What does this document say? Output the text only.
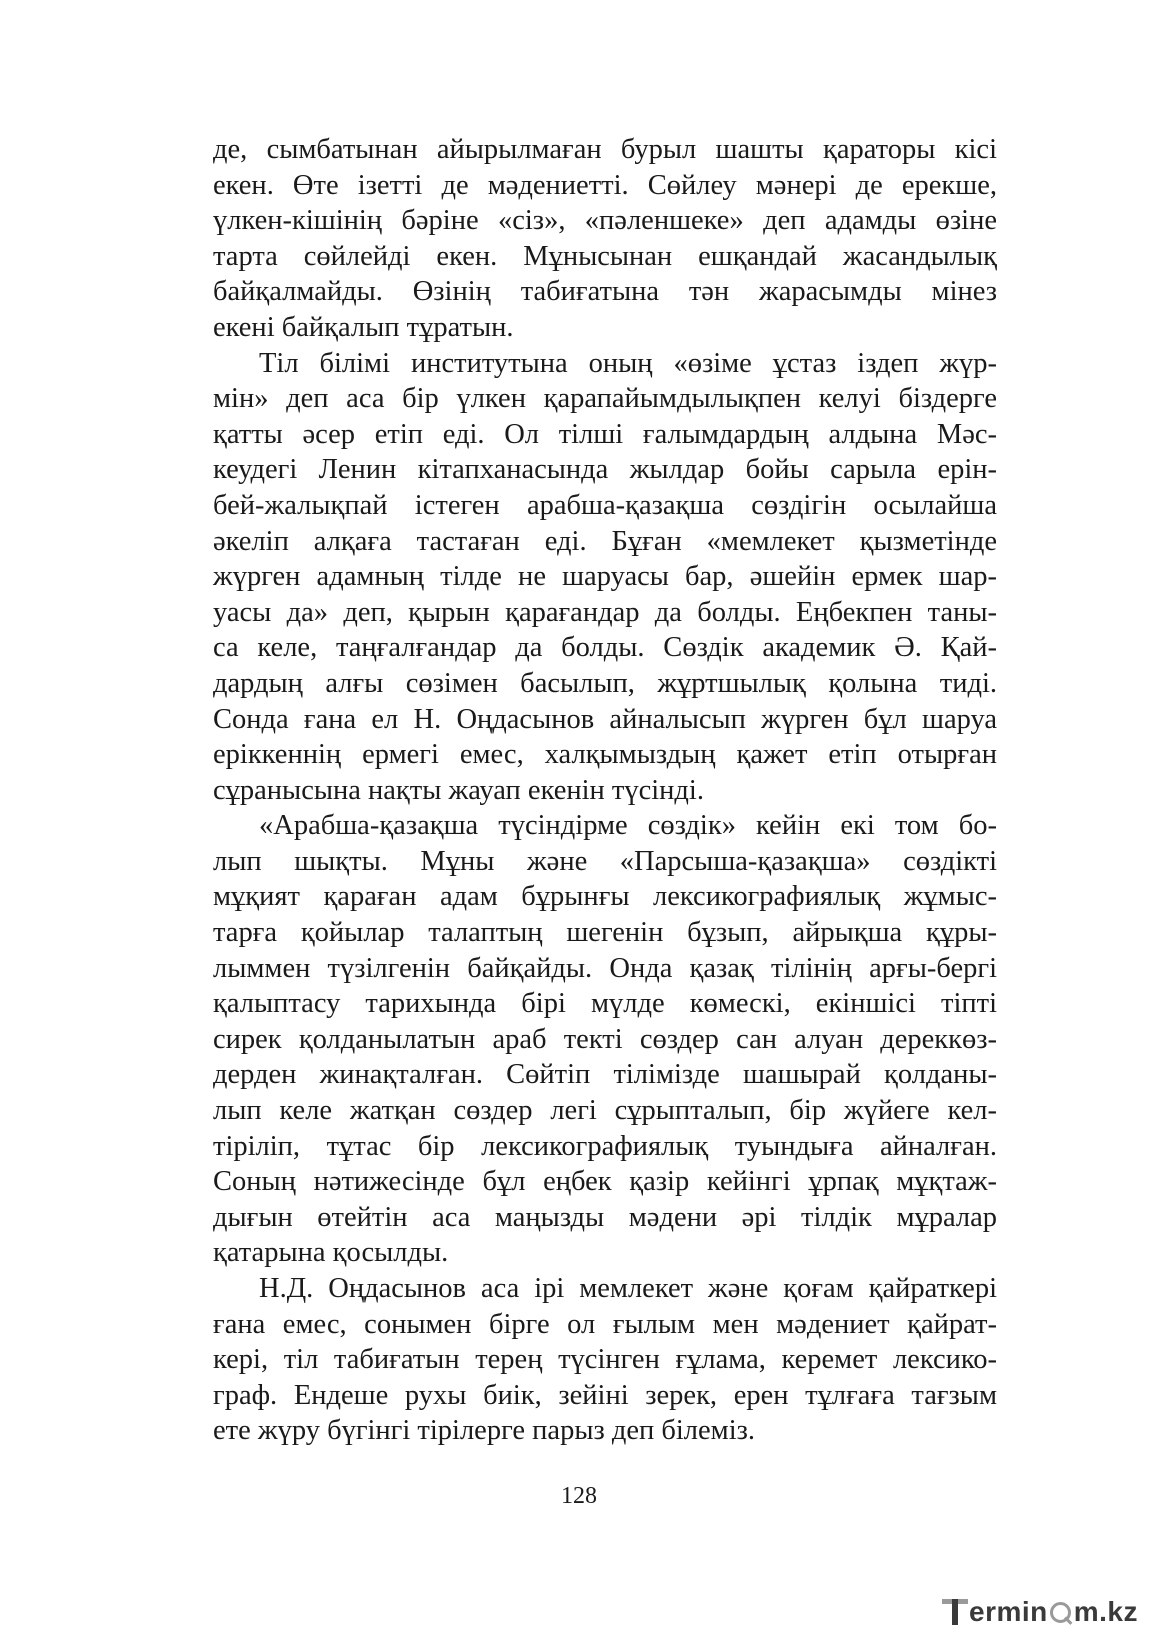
де, сымбатынан айырылмаған бурыл шашты қараторы кісі
екен. Өте ізетті де мәдениетті. Сөйлеу мәнері де ерекше,
үлкен-кішінің бәріне «сіз», «пәленшеке» деп адамды өзіне
тарта сөйлейді екен. Мұнысынан ешқандай жасандылық
байқалмайды. Өзінің табиғатына тән жарасымды мінез
екені байқалып тұратын.

Тіл білімі институтына оның «өзіме ұстаз іздеп жүр-
мін» деп аса бір үлкен қарапайымдылықпен келуі біздерге
қатты әсер етіп еді. Ол тілші ғалымдардың алдына Мәс-
кеудегі Ленин кітапханасында жылдар бойы сарыла ерін-
бей-жалықпай істеген арабша-қазақша сөздігін осылайша
әкеліп алқаға тастаған еді. Бұған «мемлекет қызметінде
жүрген адамның тілде не шаруасы бар, әшейін ермек шар-
уасы да» деп, қырын қарағандар да болды. Еңбекпен таны-
са келе, таңғалғандар да болды. Сөздік академик Ә. Қай-
дардың алғы сөзімен басылып, жұртшылық қолына тиді.
Сонда ғана ел Н. Оңдасынов айналысып жүрген бұл шаруа
еріккеннің ермегі емес, халқымыздың қажет етіп отырған
сұранысына нақты жауап екенін түсінді.

«Арабша-қазақша түсіндірме сөздік» кейін екі том бо-
лып шықты. Мұны және «Парсыша-қазақша» сөздікті
мұқият қараған адам бұрынғы лексикографиялық жұмыс-
тарға қойылар талаптың шегенін бұзып, айрықша құры-
лыммен түзілгенін байқайды. Онда қазақ тілінің арғы-бергі
қалыптасу тарихында бірі мүлде көмескі, екіншісі тіпті
сирек қолданылатын араб текті сөздер сан алуан дереккөз-
дерден жинақталған. Сөйтіп тілімізде шашырай қолданы-
лып келе жатқан сөздер легі сұрыпталып, бір жүйеге кел-
тіріліп, тұтас бір лексикографиялық туындыға айналған.
Соның нәтижесінде бұл еңбек қазір кейінгі ұрпақ мұқтаж-
дығын өтейтін аса маңызды мәдени әрі тілдік мұралар
қатарына қосылды.

Н.Д. Оңдасынов аса ірі мемлекет және қоғам қайраткері
ғана емес, сонымен бірге ол ғылым мен мәдениет қайрат-
кері, тіл табиғатын терең түсінген ғұлама, керемет лексико-
граф. Ендеше рухы биік, зейіні зерек, ерен тұлғаға тағзым
ете жүру бүгінгі тірілерге парыз деп білеміз.

128
ermin m.kz
